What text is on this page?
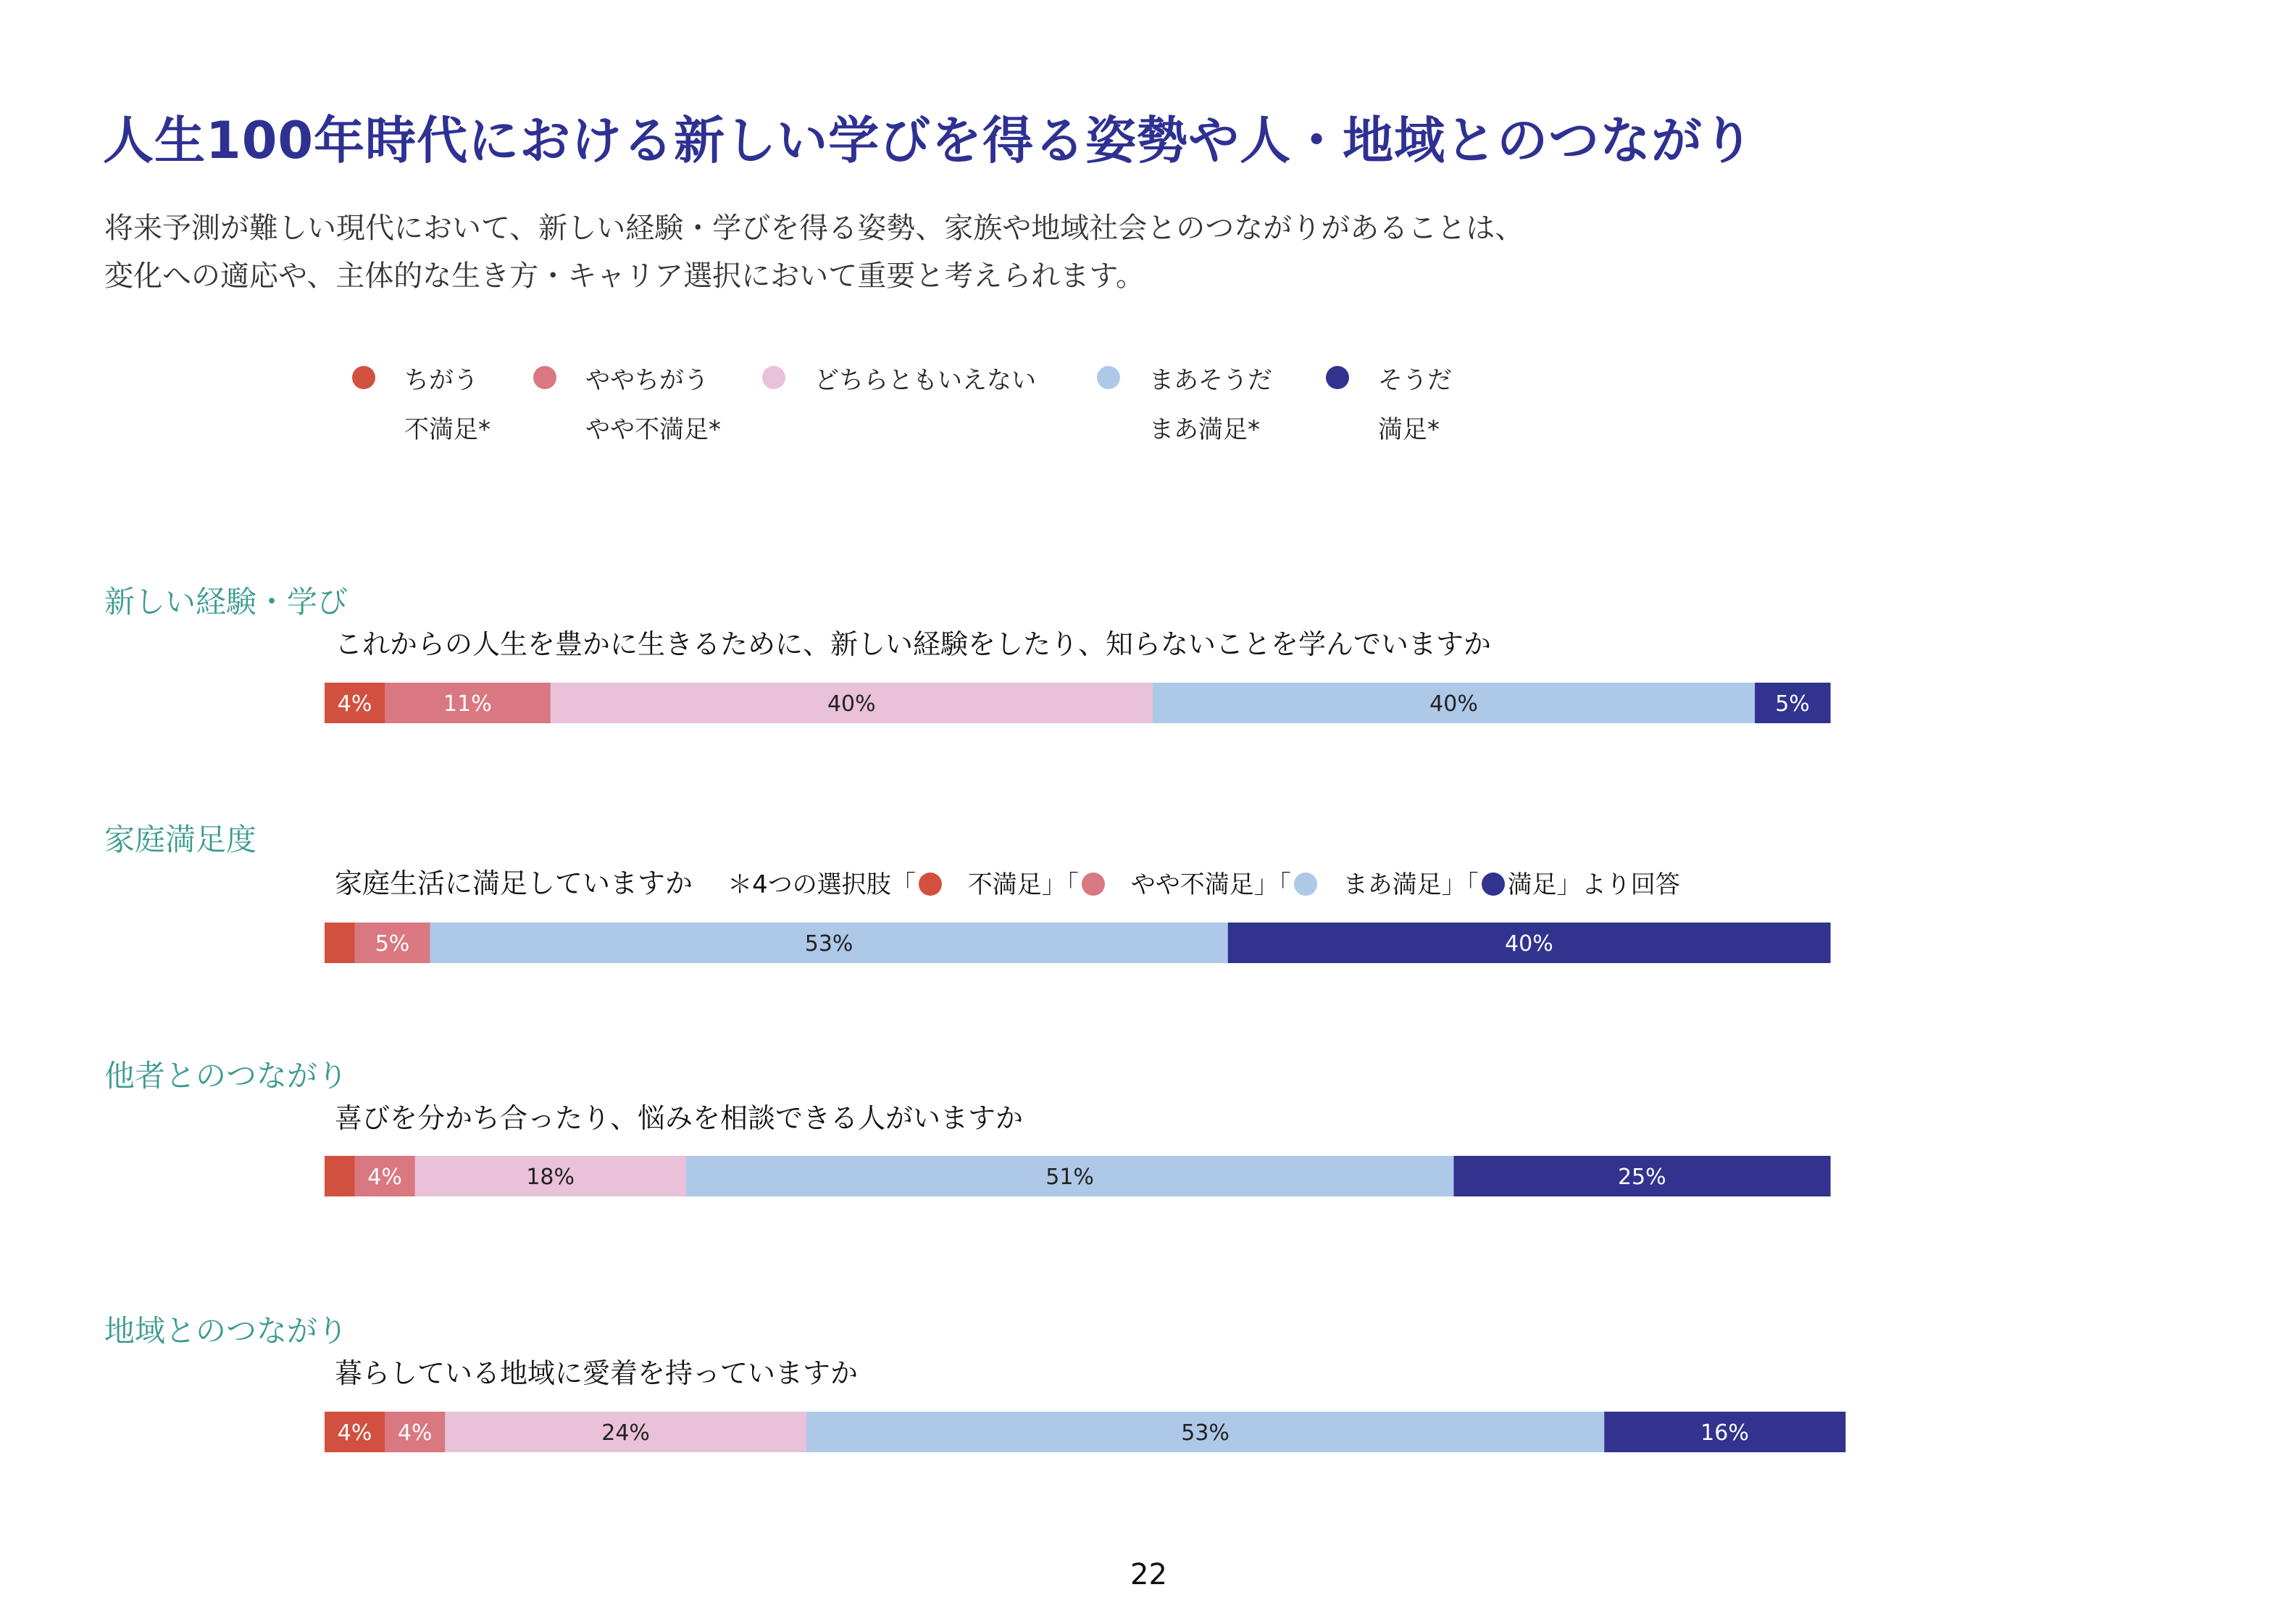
人生100年時代における新しい学びを得る姿勢や人・地域とのつながり

将来予測が難しい現代において、新しい経験・学びを得る姿勢、家族や地域社会とのつながりがあることは、

変化への適応や、主体的な生き方・キャリア選択において重要と考えられます。

ちがう
不満足*
ややちがう
やや不満足*
どちらともいえない	まあそうだ
まあ満足*
そうだ
満足*
新しい経験・学び
これからの人生を豊かに生きるために、新しい経験をしたり、知らないことを学んでいますか
家庭満足度
家庭生活に満足していますか ＊4つの選択肢「 不満足」「 やや不満足」「 まあ満足」「 満足」より回答
他者とのつながり
喜びを分かち合ったり、悩みを相談できる人がいますか
地域とのつながり
暮らしている地域に愛着を持っていますか
4%	11%	40%	40%	5%
5%	53%	40%
4%	18%	51%	25%
4% 4%	24%	53%	16%
22
